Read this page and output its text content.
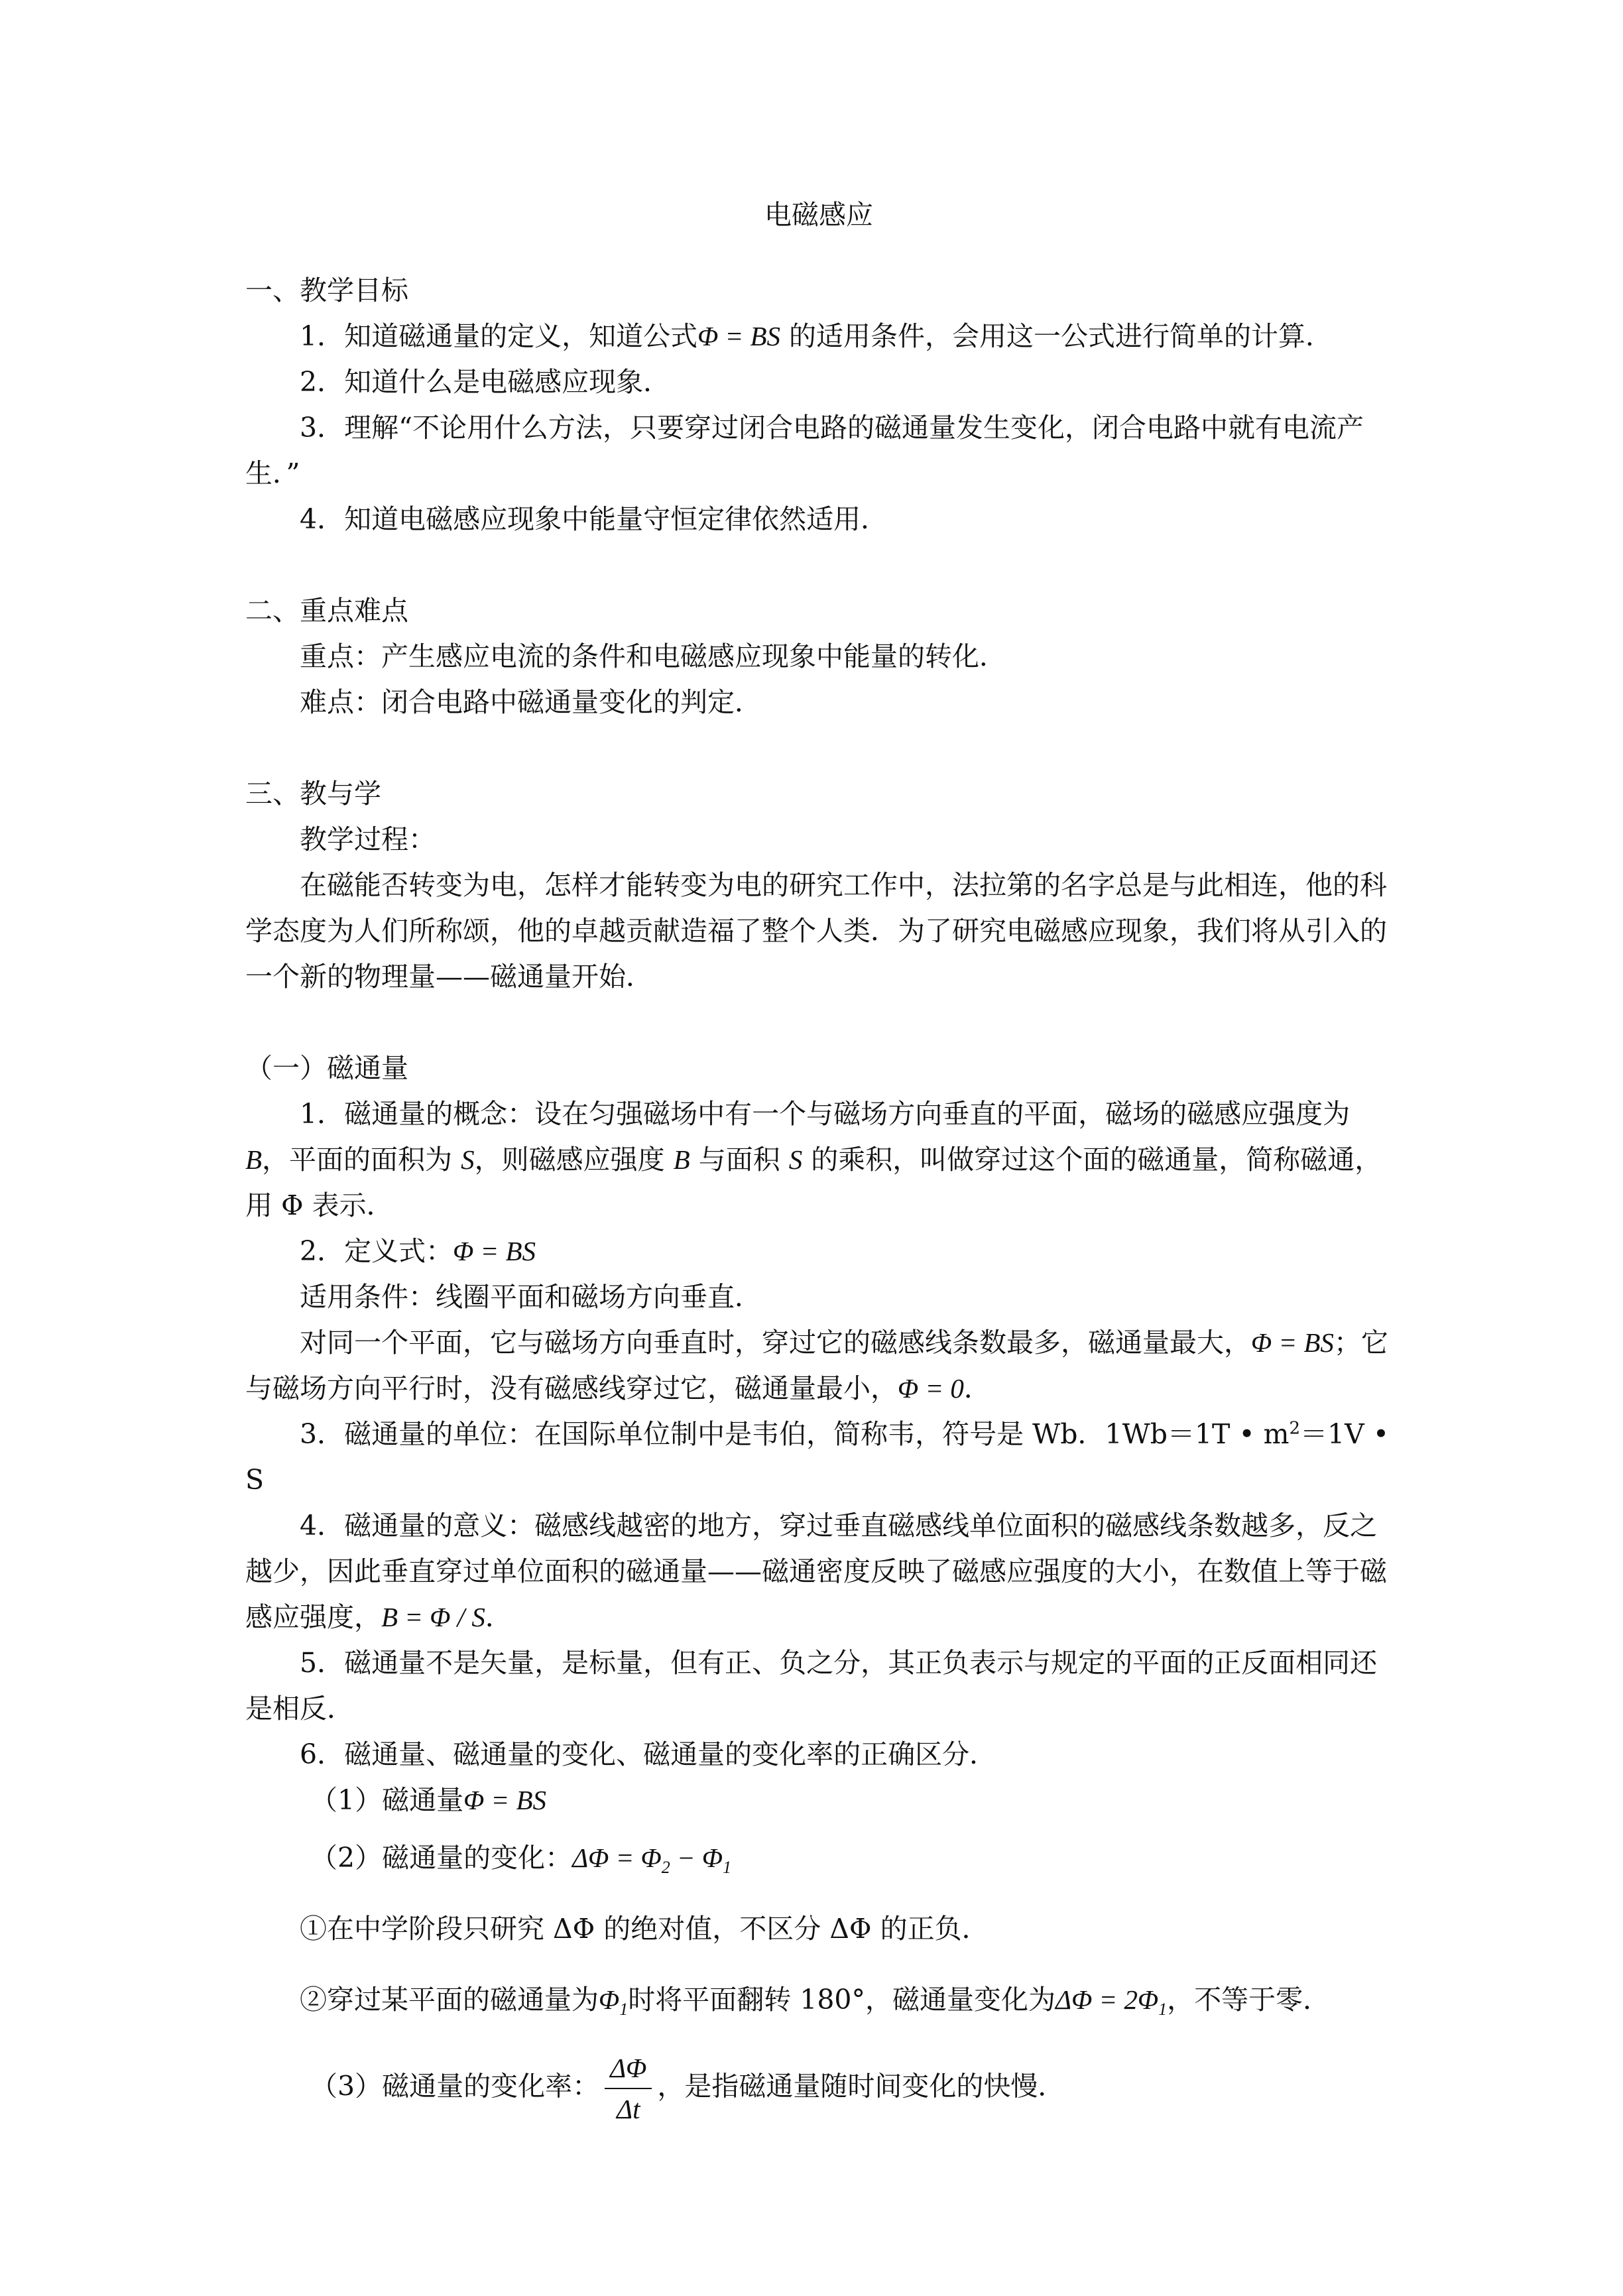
电磁感应
一、教学目标

1．知道磁通量的定义，知道公式Φ = BS 的适用条件，会用这一公式进行简单的计算．

2．知道什么是电磁感应现象．

3．理解“不论用什么方法，只要穿过闭合电路的磁通量发生变化，闭合电路中就有电流产生．”

4．知道电磁感应现象中能量守恒定律依然适用．

二、重点难点

重点：产生感应电流的条件和电磁感应现象中能量的转化．

难点：闭合电路中磁通量变化的判定．

三、教与学

教学过程：

在磁能否转变为电，怎样才能转变为电的研究工作中，法拉第的名字总是与此相连，他的科学态度为人们所称颂，他的卓越贡献造福了整个人类．为了研究电磁感应现象，我们将从引入的一个新的物理量——磁通量开始．

（一）磁通量

1．磁通量的概念：设在匀强磁场中有一个与磁场方向垂直的平面，磁场的磁感应强度为 B，平面的面积为 S，则磁感应强度 B 与面积 S 的乘积，叫做穿过这个面的磁通量，简称磁通，用 Φ 表示．

2．定义式：Φ = BS

适用条件：线圈平面和磁场方向垂直．

对同一个平面，它与磁场方向垂直时，穿过它的磁感线条数最多，磁通量最大，Φ = BS；它与磁场方向平行时，没有磁感线穿过它，磁通量最小，Φ = 0．

3．磁通量的单位：在国际单位制中是韦伯，简称韦，符号是 Wb．1Wb＝1T • $m^2=1V$ • S

4．磁通量的意义：磁感线越密的地方，穿过垂直磁感线单位面积的磁感线条数越多，反之越少，因此垂直穿过单位面积的磁通量——磁通密度反映了磁感应强度的大小，在数值上等于磁感应强度，B = Φ / S．

5．磁通量不是矢量，是标量，但有正、负之分，其正负表示与规定的平面的正反面相同还是相反．

6．磁通量、磁通量的变化、磁通量的变化率的正确区分．

（1）磁通量Φ = BS

（2）磁通量的变化：$\Delta\Phi = \Phi_2 - \Phi_1$

①在中学阶段只研究 ΔΦ 的绝对值，不区分 ΔΦ 的正负．

②穿过某平面的磁通量为$\Phi_1$时将平面翻转 180°，磁通量变化为$\Delta\Phi = 2\Phi_1$，不等于零．

（3）磁通量的变化率： $\frac{\Delta\Phi}{\Delta t}$ ，是指磁通量随时间变化的快慢．
